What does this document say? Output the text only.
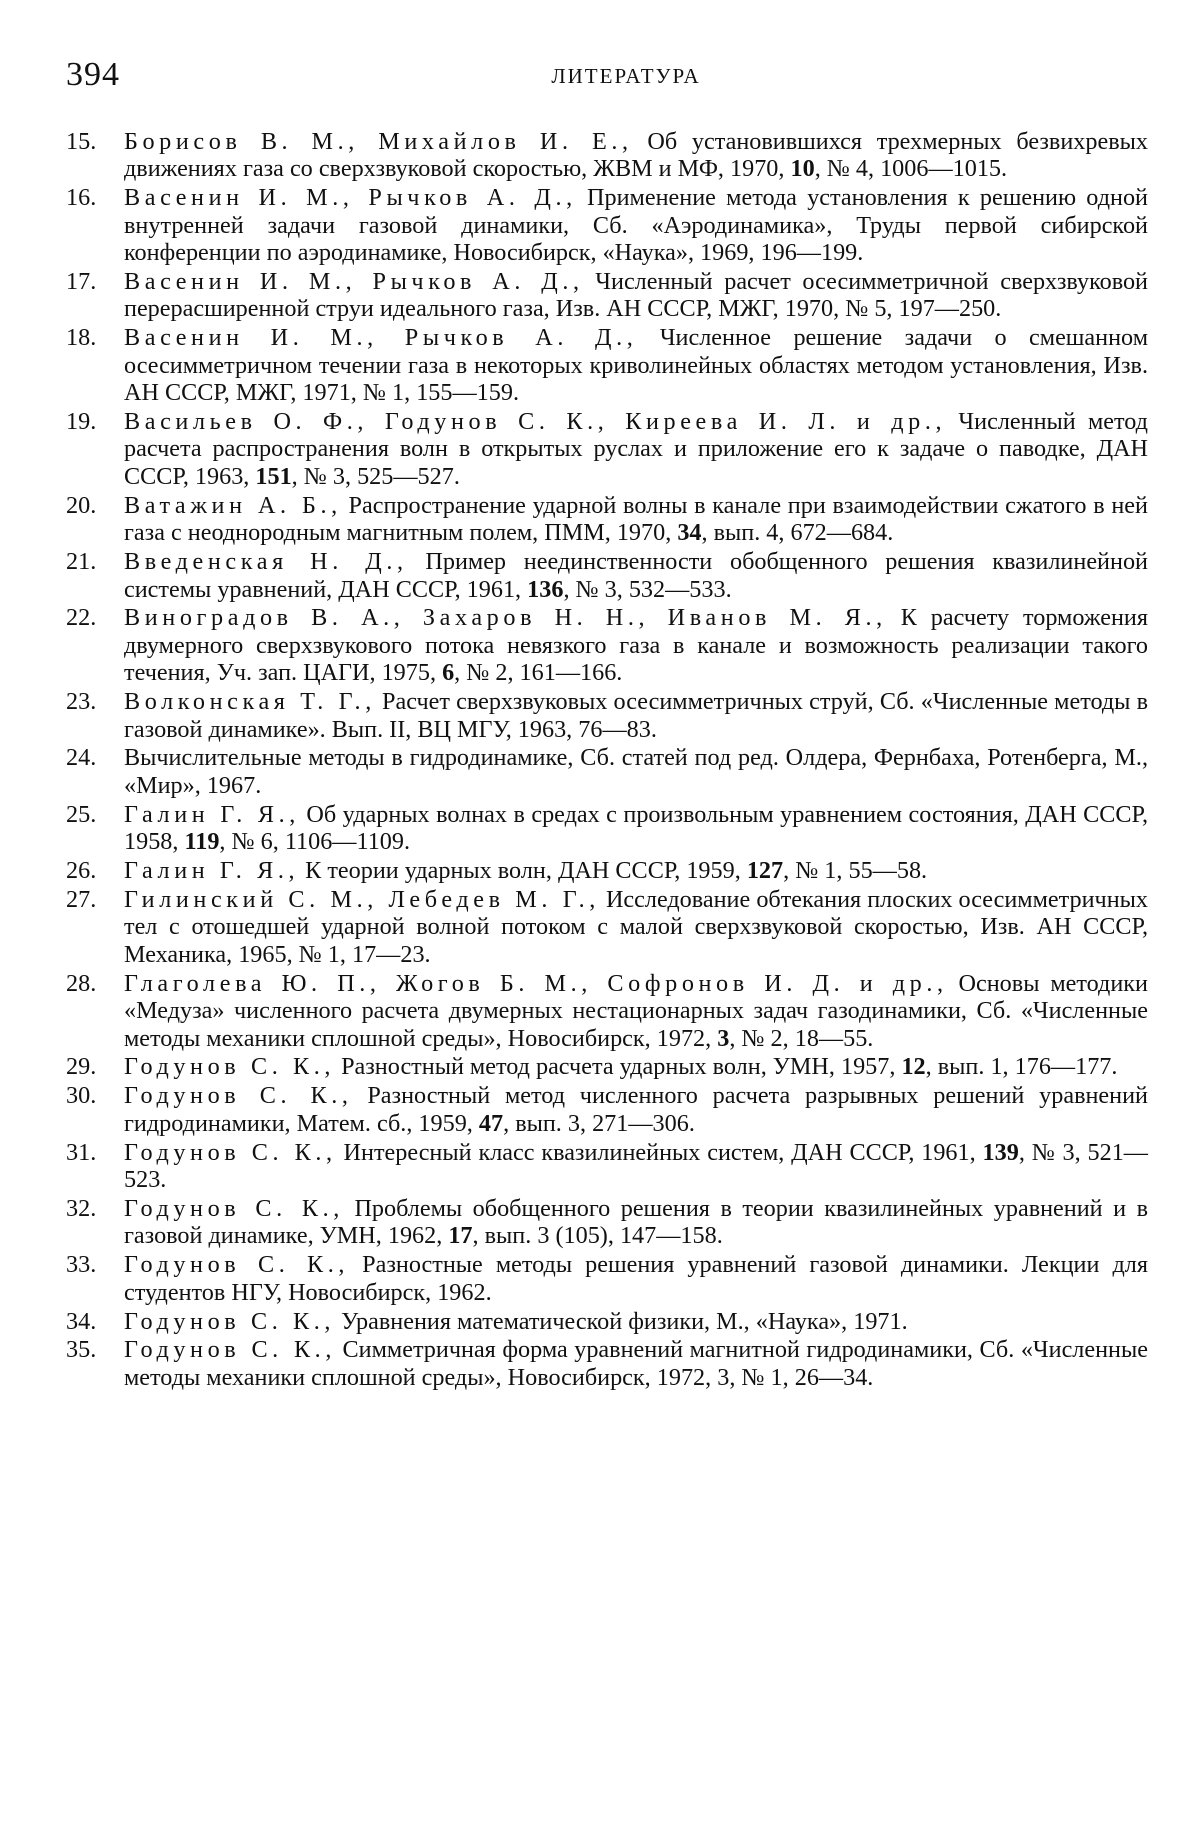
394	ЛИТЕРАТУРА
15.	Борисов В. М., Михайлов И. Е., Об установившихся трехмерных безвихревых движениях газа со сверхзвуковой скоростью, ЖВМ и МФ, 1970, 10, № 4, 1006—1015.
16.	Васенин И. М., Рычков А. Д., Применение метода установления к решению одной внутренней задачи газовой динамики, Сб. «Аэродинамика», Труды первой сибирской конференции по аэродинамике, Новосибирск, «Наука», 1969, 196—199.
17.	Васенин И. М., Рычков А. Д., Численный расчет осесимметричной сверхзвуковой перерасширенной струи идеального газа, Изв. АН СССР, МЖГ, 1970, № 5, 197—250.
18.	Васенин И. М., Рычков А. Д., Численное решение задачи о смешанном осесимметричном течении газа в некоторых криволинейных областях методом установления, Изв. АН СССР, МЖГ, 1971, № 1, 155—159.
19.	Васильев О. Ф., Годунов С. К., Киреева И. Л. и др., Численный метод расчета распространения волн в открытых руслах и приложение его к задаче о паводке, ДАН СССР, 1963, 151, № 3, 525—527.
20.	Ватажин А. Б., Распространение ударной волны в канале при взаимодействии сжатого в ней газа с неоднородным магнитным полем, ПММ, 1970, 34, вып. 4, 672—684.
21.	Введенская Н. Д., Пример неединственности обобщенного решения квазилинейной системы уравнений, ДАН СССР, 1961, 136, № 3, 532—533.
22.	Виноградов В. А., Захаров Н. Н., Иванов М. Я., К расчету торможения двумерного сверхзвукового потока невязкого газа в канале и возможность реализации такого течения, Уч. зап. ЦАГИ, 1975, 6, № 2, 161—166.
23.	Волконская Т. Г., Расчет сверхзвуковых осесимметричных струй, Сб. «Численные методы в газовой динамике». Вып. II, ВЦ МГУ, 1963, 76—83.
24.	Вычислительные методы в гидродинамике, Сб. статей под ред. Олдера, Фернбаха, Ротенберга, М., «Мир», 1967.
25.	Галин Г. Я., Об ударных волнах в средах с произвольным уравнением состояния, ДАН СССР, 1958, 119, № 6, 1106—1109.
26.	Галин Г. Я., К теории ударных волн, ДАН СССР, 1959, 127, № 1, 55—58.
27.	Гилинский С. М., Лебедев М. Г., Исследование обтекания плоских осесимметричных тел с отошедшей ударной волной потоком с малой сверхзвуковой скоростью, Изв. АН СССР, Механика, 1965, № 1, 17—23.
28.	Глаголева Ю. П., Жогов Б. М., Софронов И. Д. и др., Основы методики «Медуза» численного расчета двумерных нестационарных задач газодинамики, Сб. «Численные методы механики сплошной среды», Новосибирск, 1972, 3, № 2, 18—55.
29.	Годунов С. К., Разностный метод расчета ударных волн, УМН, 1957, 12, вып. 1, 176—177.
30.	Годунов С. К., Разностный метод численного расчета разрывных решений уравнений гидродинамики, Матем. сб., 1959, 47, вып. 3, 271—306.
31.	Годунов С. К., Интересный класс квазилинейных систем, ДАН СССР, 1961, 139, № 3, 521—523.
32.	Годунов С. К., Проблемы обобщенного решения в теории квазилинейных уравнений и в газовой динамике, УМН, 1962, 17, вып. 3 (105), 147—158.
33.	Годунов С. К., Разностные методы решения уравнений газовой динамики. Лекции для студентов НГУ, Новосибирск, 1962.
34.	Годунов С. К., Уравнения математической физики, М., «Наука», 1971.
35.	Годунов С. К., Симметричная форма уравнений магнитной гидродинамики, Сб. «Численные методы механики сплошной среды», Новосибирск, 1972, 3, № 1, 26—34.
